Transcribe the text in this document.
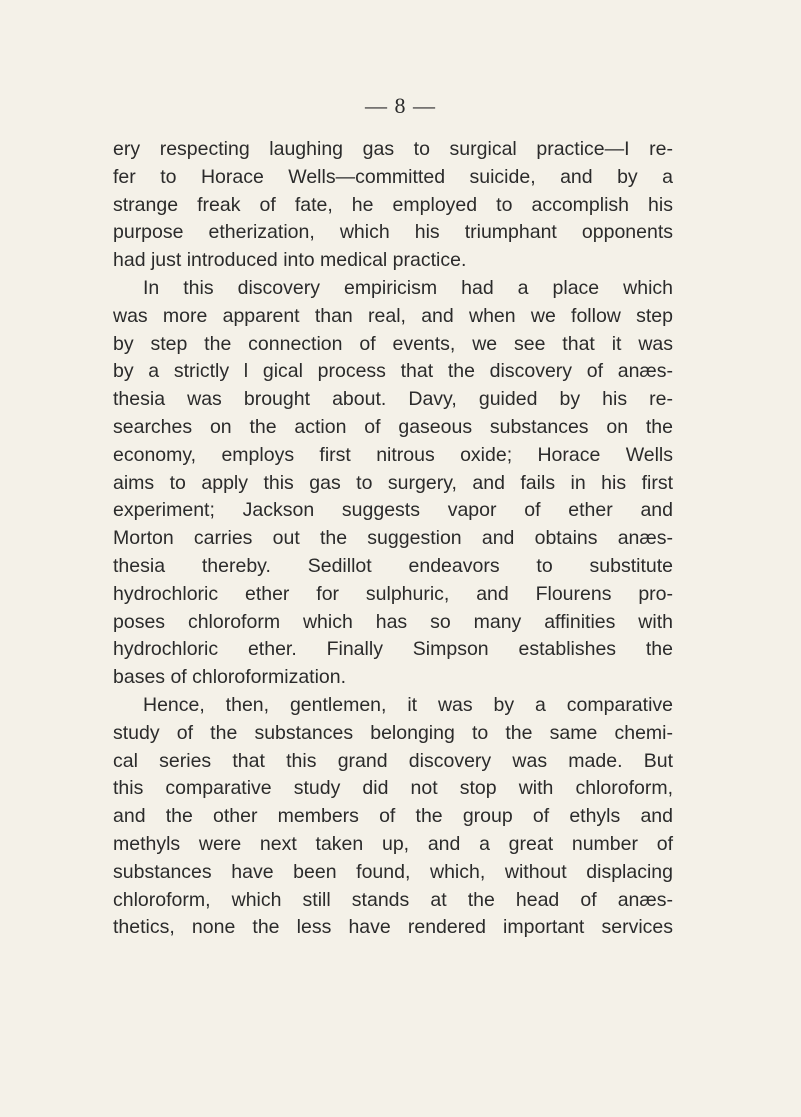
— 8 —
ery respecting laughing gas to surgical practice—I re-
fer to Horace Wells—committed suicide, and by a
strange freak of fate, he employed to accomplish his
purpose etherization, which his triumphant opponents
had just introduced into medical practice.
In this discovery empiricism had a place which
was more apparent than real, and when we follow step
by step the connection of events, we see that it was
by a strictly l gical process that the discovery of anæs-
thesia was brought about. Davy, guided by his re-
searches on the action of gaseous substances on the
economy, employs first nitrous oxide; Horace Wells
aims to apply this gas to surgery, and fails in his first
experiment; Jackson suggests vapor of ether and
Morton carries out the suggestion and obtains anæs-
thesia thereby. Sedillot endeavors to substitute
hydrochloric ether for sulphuric, and Flourens pro-
poses chloroform which has so many affinities with
hydrochloric ether. Finally Simpson establishes the
bases of chloroformization.
Hence, then, gentlemen, it was by a comparative
study of the substances belonging to the same chemi-
cal series that this grand discovery was made. But
this comparative study did not stop with chloroform,
and the other members of the group of ethyls and
methyls were next taken up, and a great number of
substances have been found, which, without displacing
chloroform, which still stands at the head of anæs-
thetics, none the less have rendered important services
